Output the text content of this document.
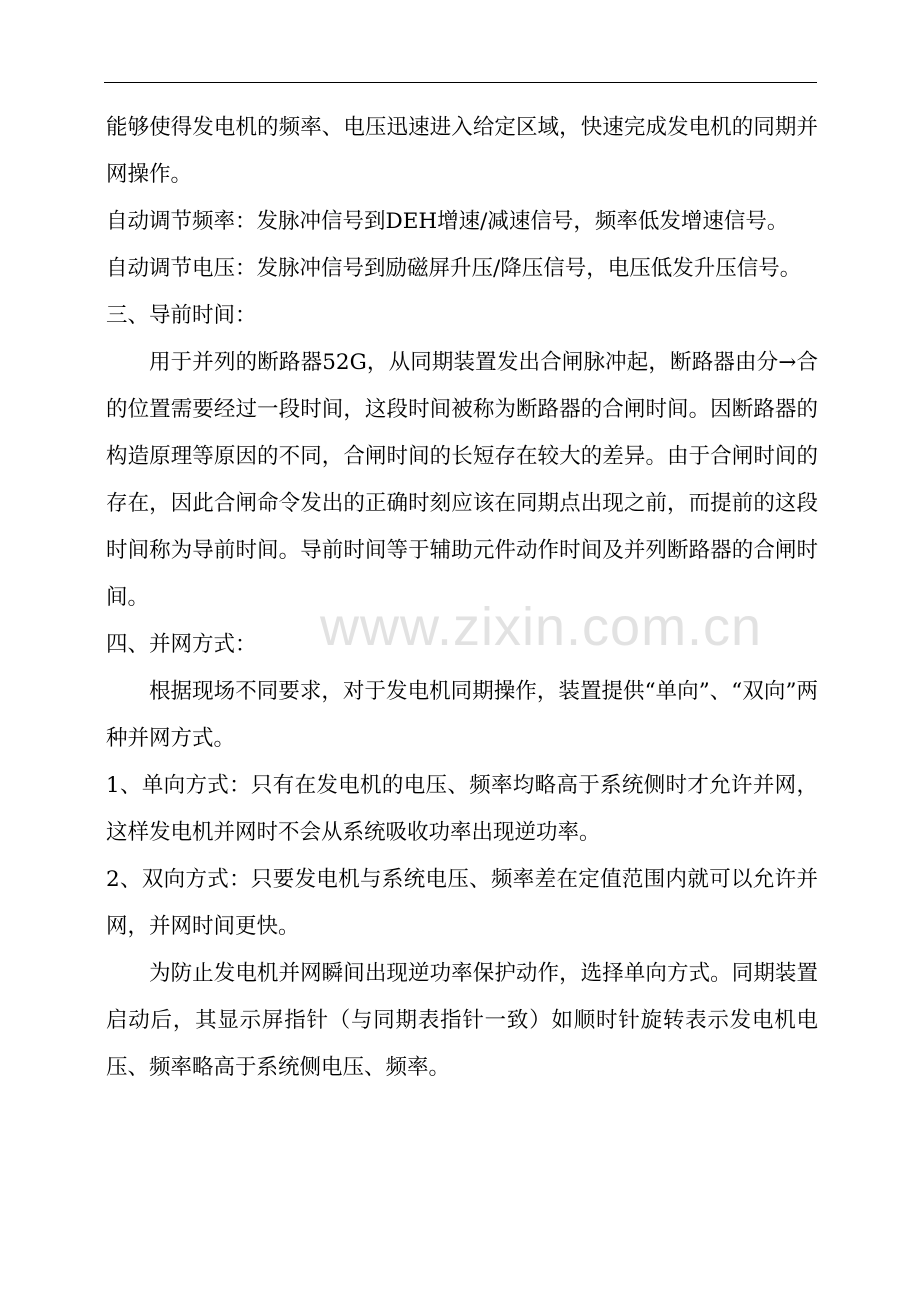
能够使得发电机的频率、电压迅速进入给定区域，快速完成发电机的同期并网操作。

自动调节频率：发脉冲信号到DEH增速/减速信号，频率低发增速信号。

自动调节电压：发脉冲信号到励磁屏升压/降压信号，电压低发升压信号。

三、导前时间：

用于并列的断路器52G，从同期装置发出合闸脉冲起，断路器由分→合的位置需要经过一段时间，这段时间被称为断路器的合闸时间。因断路器的构造原理等原因的不同，合闸时间的长短存在较大的差异。由于合闸时间的存在，因此合闸命令发出的正确时刻应该在同期点出现之前，而提前的这段时间称为导前时间。导前时间等于辅助元件动作时间及并列断路器的合闸时间。

四、并网方式：

根据现场不同要求，对于发电机同期操作，装置提供“单向”、“双向”两种并网方式。

1、单向方式：只有在发电机的电压、频率均略高于系统侧时才允许并网，这样发电机并网时不会从系统吸收功率出现逆功率。

2、双向方式：只要发电机与系统电压、频率差在定值范围内就可以允许并网，并网时间更快。

为防止发电机并网瞬间出现逆功率保护动作，选择单向方式。同期装置启动后，其显示屏指针（与同期表指针一致）如顺时针旋转表示发电机电压、频率略高于系统侧电压、频率。

www.zixin.com.cn
